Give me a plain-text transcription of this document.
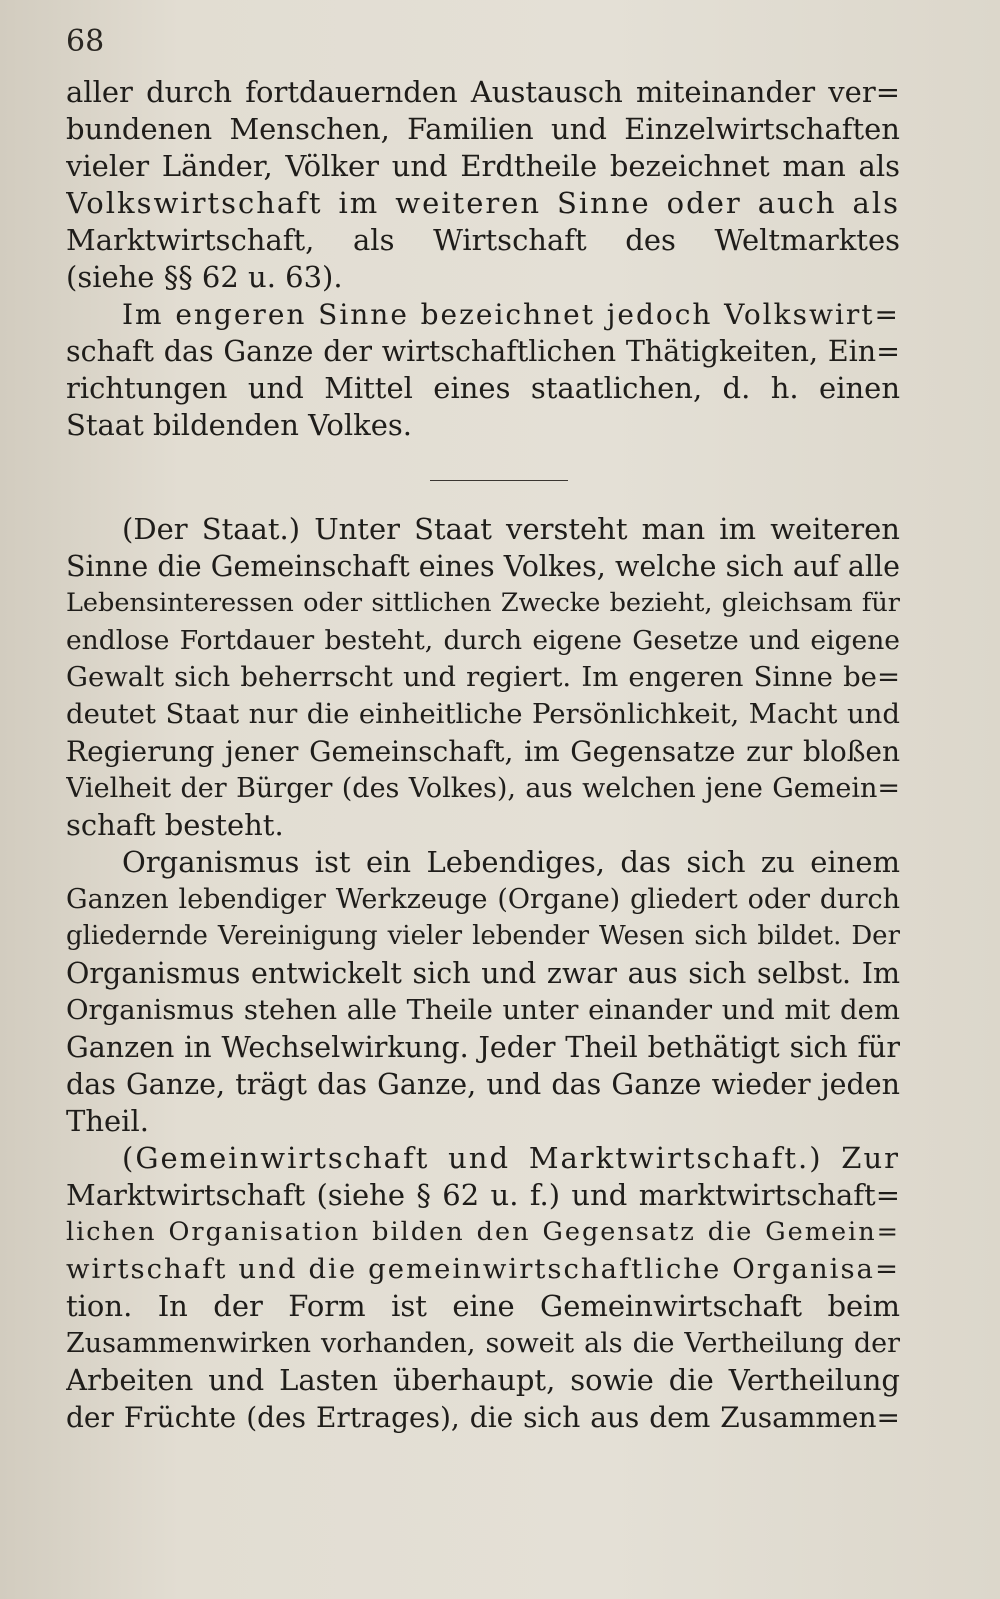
68
aller durch fortdauernden Austausch miteinander ver=
bundenen Menschen, Familien und Einzelwirtschaften
vieler Länder, Völker und Erdtheile bezeichnet man als
Volkswirtschaft im weiteren Sinne oder auch als
Marktwirtschaft, als Wirtschaft des Weltmarktes
(siehe §§ 62 u. 63).
Im engeren Sinne bezeichnet jedoch Volkswirt=
schaft das Ganze der wirtschaftlichen Thätigkeiten, Ein=
richtungen und Mittel eines staatlichen, d. h. einen
Staat bildenden Volkes.
(Der Staat.) Unter Staat versteht man im weiteren
Sinne die Gemeinschaft eines Volkes, welche sich auf alle
Lebensinteressen oder sittlichen Zwecke bezieht, gleichsam für
endlose Fortdauer besteht, durch eigene Gesetze und eigene
Gewalt sich beherrscht und regiert. Im engeren Sinne be=
deutet Staat nur die einheitliche Persönlichkeit, Macht und
Regierung jener Gemeinschaft, im Gegensatze zur bloßen
Vielheit der Bürger (des Volkes), aus welchen jene Gemein=
schaft besteht.
Organismus ist ein Lebendiges, das sich zu einem
Ganzen lebendiger Werkzeuge (Organe) gliedert oder durch
gliedernde Vereinigung vieler lebender Wesen sich bildet. Der
Organismus entwickelt sich und zwar aus sich selbst. Im
Organismus stehen alle Theile unter einander und mit dem
Ganzen in Wechselwirkung. Jeder Theil bethätigt sich für
das Ganze, trägt das Ganze, und das Ganze wieder jeden
Theil.
(Gemeinwirtschaft und Marktwirtschaft.) Zur
Marktwirtschaft (siehe § 62 u. f.) und marktwirtschaft=
lichen Organisation bilden den Gegensatz die Gemein=
wirtschaft und die gemeinwirtschaftliche Organisa=
tion. In der Form ist eine Gemeinwirtschaft beim
Zusammenwirken vorhanden, soweit als die Vertheilung der
Arbeiten und Lasten überhaupt, sowie die Vertheilung
der Früchte (des Ertrages), die sich aus dem Zusammen=
